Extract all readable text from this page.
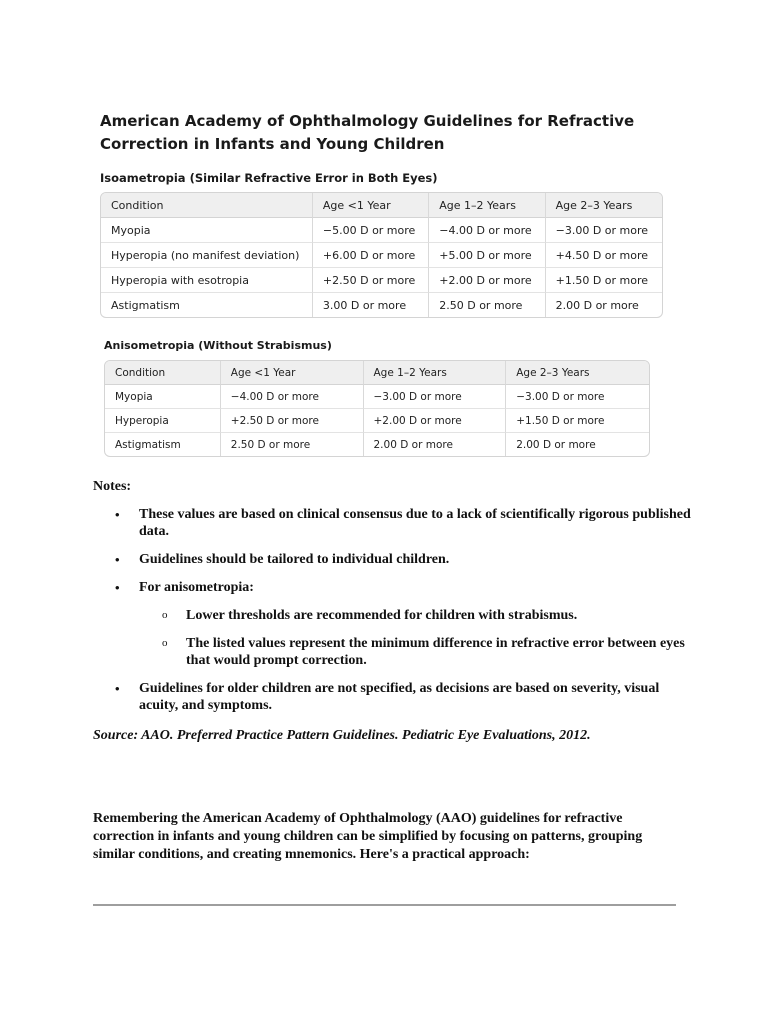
American Academy of Ophthalmology Guidelines for Refractive Correction in Infants and Young Children
Isoametropia (Similar Refractive Error in Both Eyes)
Condition	Age <1 Year	Age 1–2 Years	Age 2–3 Years
Myopia	−5.00 D or more	−4.00 D or more	−3.00 D or more
Hyperopia (no manifest deviation)	+6.00 D or more	+5.00 D or more	+4.50 D or more
Hyperopia with esotropia	+2.50 D or more	+2.00 D or more	+1.50 D or more
Astigmatism	3.00 D or more	2.50 D or more	2.00 D or more
Anisometropia (Without Strabismus)
Condition	Age <1 Year	Age 1–2 Years	Age 2–3 Years
Myopia	−4.00 D or more	−3.00 D or more	−3.00 D or more
Hyperopia	+2.50 D or more	+2.00 D or more	+1.50 D or more
Astigmatism	2.50 D or more	2.00 D or more	2.00 D or more

Notes:

• These values are based on clinical consensus due to a lack of scientifically rigorous published data.
• Guidelines should be tailored to individual children.
• For anisometropia:
o Lower thresholds are recommended for children with strabismus.
o The listed values represent the minimum difference in refractive error between eyes that would prompt correction.
• Guidelines for older children are not specified, as decisions are based on severity, visual acuity, and symptoms.

Source: AAO. Preferred Practice Pattern Guidelines. Pediatric Eye Evaluations, 2012.

Remembering the American Academy of Ophthalmology (AAO) guidelines for refractive correction in infants and young children can be simplified by focusing on patterns, grouping similar conditions, and creating mnemonics. Here's a practical approach:
